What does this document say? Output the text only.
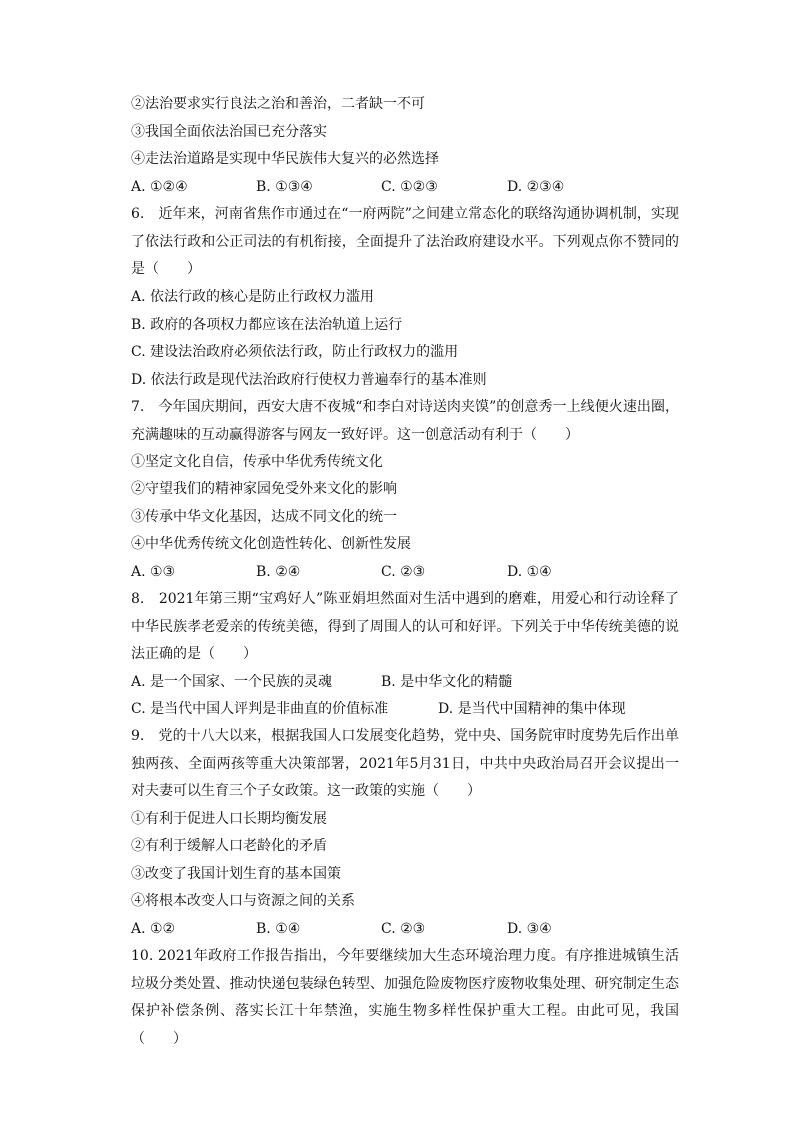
②法治要求实行良法之治和善治，二者缺一不可
③我国全面依法治国已充分落实
④走法治道路是实现中华民族伟大复兴的必然选择
A. ①②④	B. ①③④	C. ①②③	D. ②③④
6.　近年来，河南省焦作市通过在“一府两院”之间建立常态化的联络沟通协调机制，实现了依法行政和公正司法的有机衔接，全面提升了法治政府建设水平。下列观点你不赞同的是（　　）
A. 依法行政的核心是防止行政权力滥用
B. 政府的各项权力都应该在法治轨道上运行
C. 建设法治政府必须依法行政，防止行政权力的滥用
D. 依法行政是现代法治政府行使权力普遍奉行的基本准则
7.　今年国庆期间，西安大唐不夜城“和李白对诗送肉夹馍”的创意秀一上线便火速出圈，充满趣味的互动赢得游客与网友一致好评。这一创意活动有利于（　　）
①坚定文化自信，传承中华优秀传统文化
②守望我们的精神家园免受外来文化的影响
③传承中华文化基因，达成不同文化的统一
④中华优秀传统文化创造性转化、创新性发展
A. ①③	B. ②④	C. ②③	D. ①④
8.　2021年第三期“宝鸡好人”陈亚娟坦然面对生活中遇到的磨难，用爱心和行动诠释了中华民族孝老爱亲的传统美德，得到了周围人的认可和好评。下列关于中华传统美德的说法正确的是（　　）
A. 是一个国家、一个民族的灵魂	B. 是中华文化的精髓
C. 是当代中国人评判是非曲直的价值标准	D. 是当代中国精神的集中体现
9.　党的十八大以来，根据我国人口发展变化趋势，党中央、国务院审时度势先后作出单独两孩、全面两孩等重大决策部署，2021年5月31日，中共中央政治局召开会议提出一对夫妻可以生育三个子女政策。这一政策的实施（　　）
①有利于促进人口长期均衡发展
②有利于缓解人口老龄化的矛盾
③改变了我国计划生育的基本国策
④将根本改变人口与资源之间的关系
A. ①②	B. ①④	C. ②③	D. ③④
10. 2021年政府工作报告指出，今年要继续加大生态环境治理力度。有序推进城镇生活垃圾分类处置、推动快递包装绿色转型、加强危险废物医疗废物收集处理、研究制定生态保护补偿条例、落实长江十年禁渔，实施生物多样性保护重大工程。由此可见，我国（　　）
